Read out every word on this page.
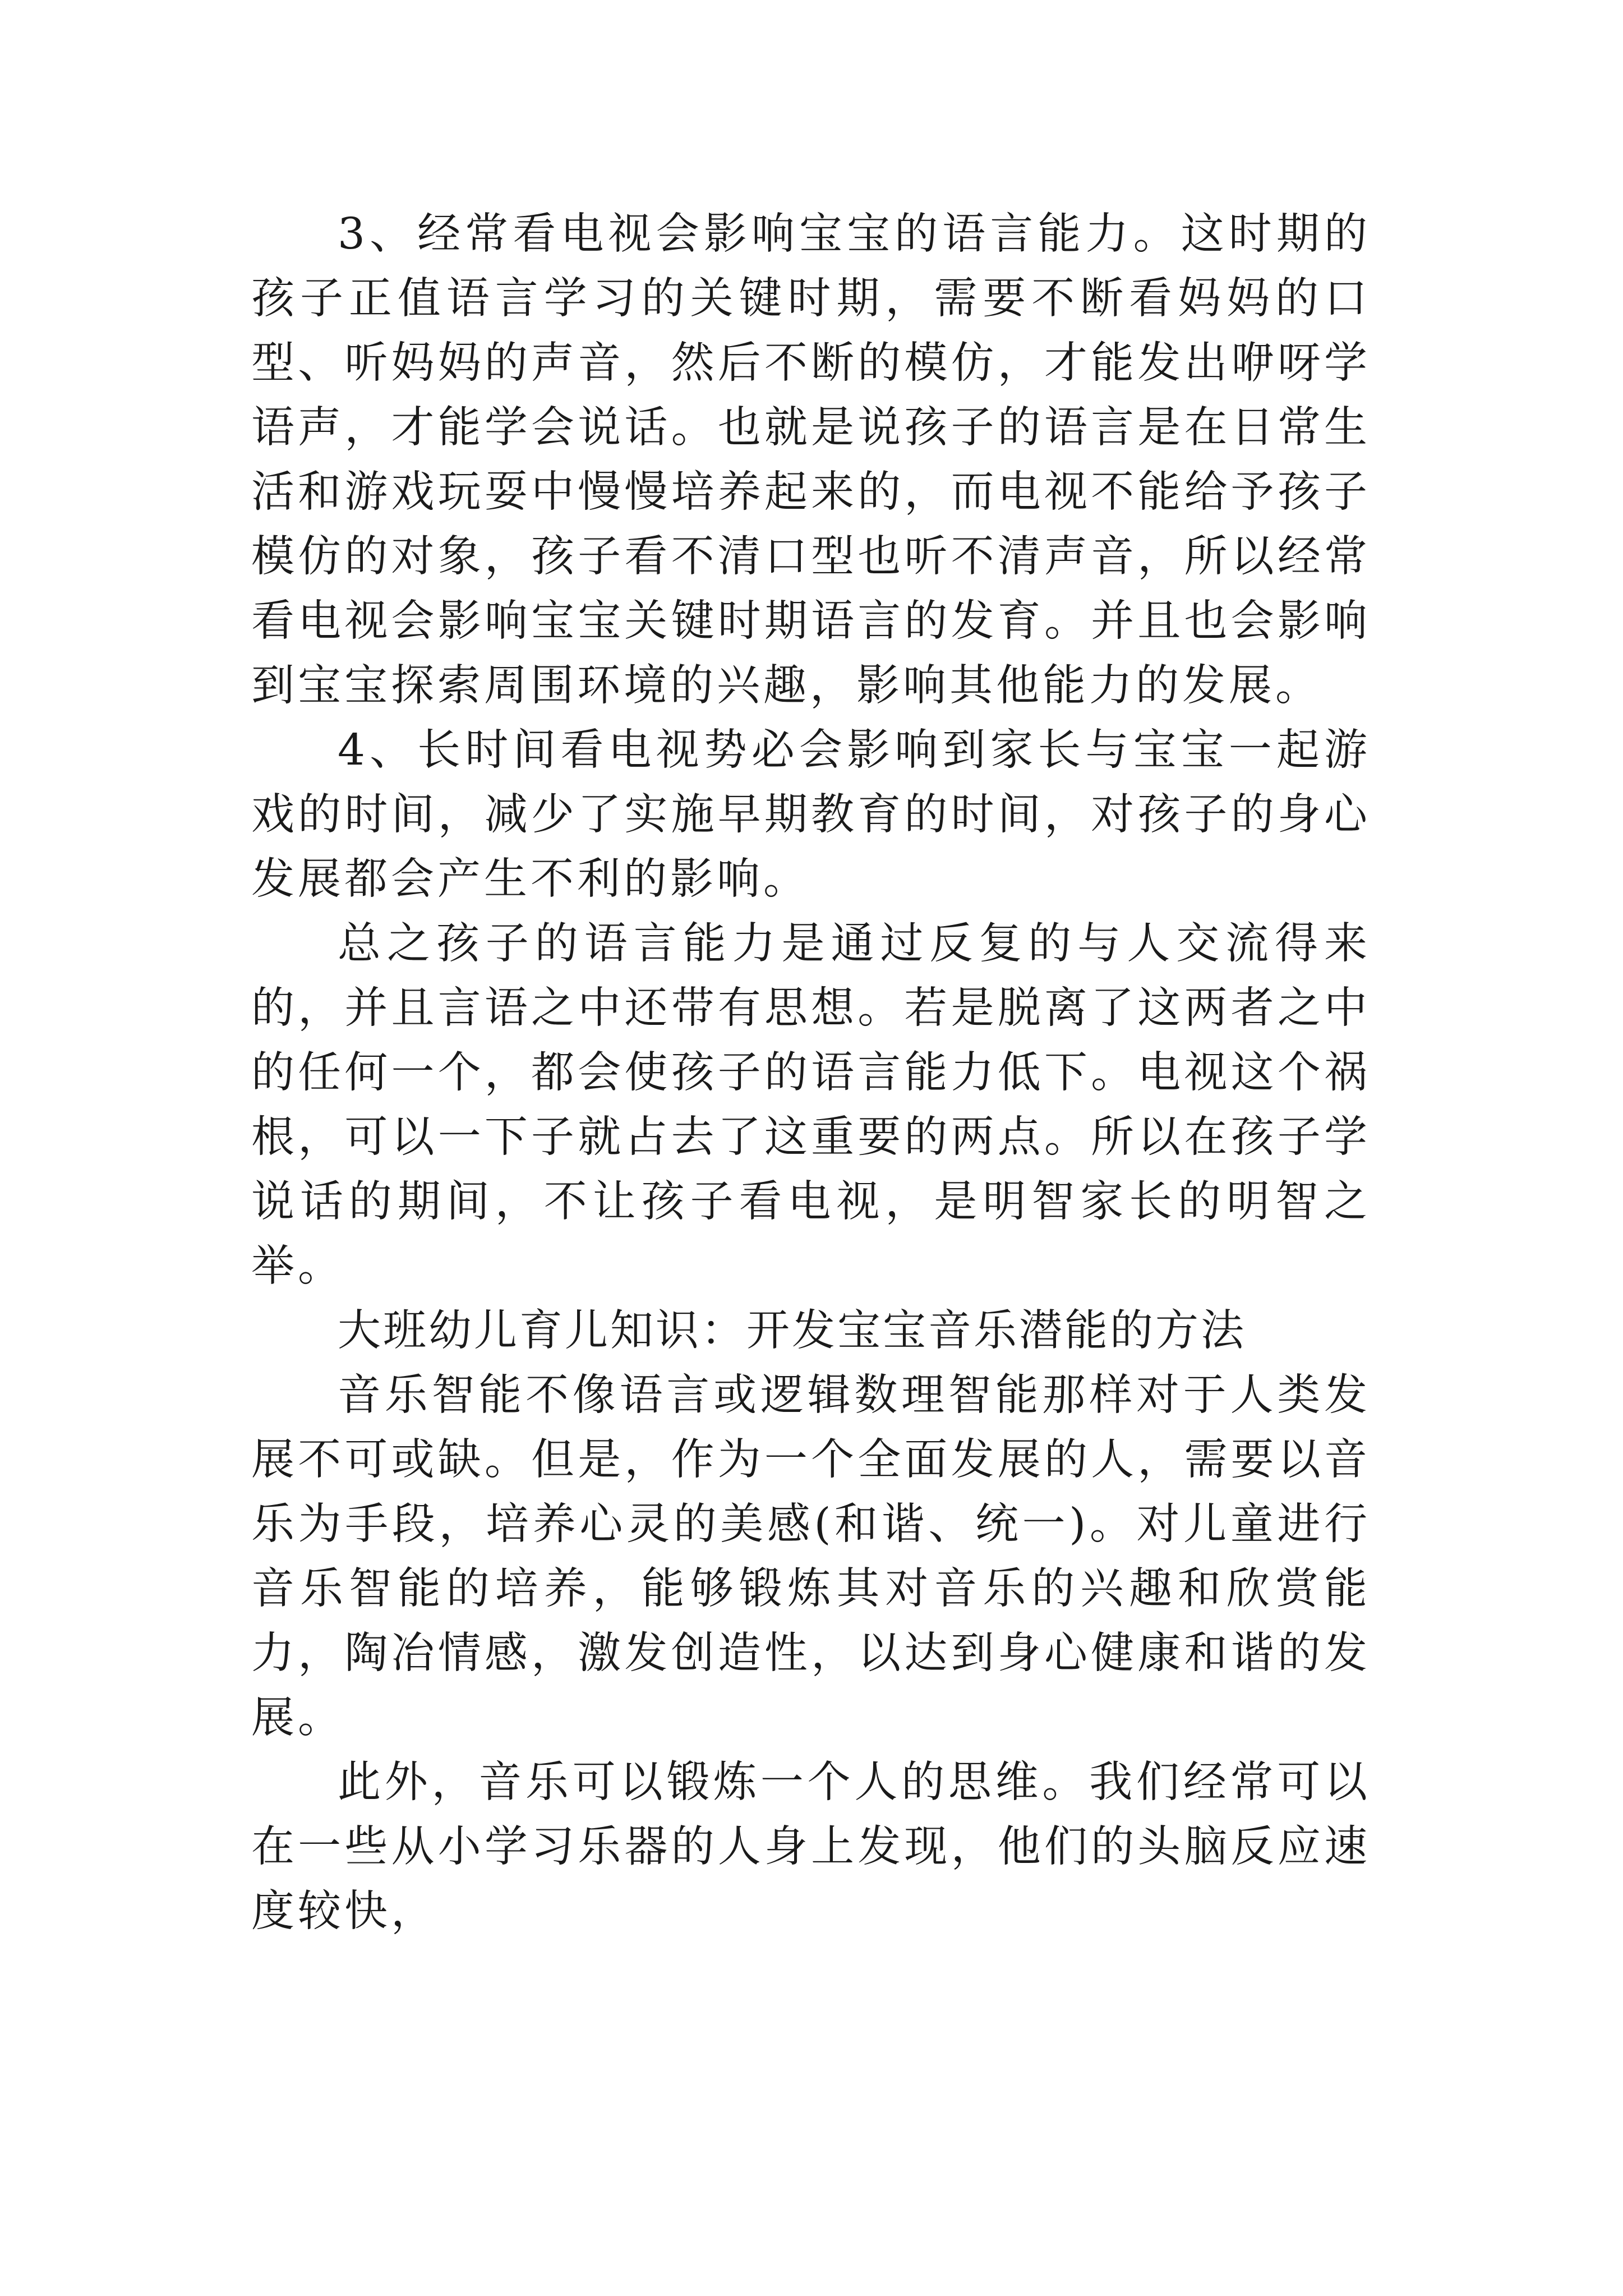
3、经常看电视会影响宝宝的语言能力。这时期的孩子正值语言学习的关键时期，需要不断看妈妈的口型、听妈妈的声音，然后不断的模仿，才能发出咿呀学语声，才能学会说话。也就是说孩子的语言是在日常生活和游戏玩耍中慢慢培养起来的，而电视不能给予孩子模仿的对象，孩子看不清口型也听不清声音，所以经常看电视会影响宝宝关键时期语言的发育。并且也会影响到宝宝探索周围环境的兴趣，影响其他能力的发展。

4、长时间看电视势必会影响到家长与宝宝一起游戏的时间，减少了实施早期教育的时间，对孩子的身心发展都会产生不利的影响。

总之孩子的语言能力是通过反复的与人交流得来的，并且言语之中还带有思想。若是脱离了这两者之中的任何一个，都会使孩子的语言能力低下。电视这个祸根，可以一下子就占去了这重要的两点。所以在孩子学说话的期间，不让孩子看电视，是明智家长的明智之举。

大班幼儿育儿知识：开发宝宝音乐潜能的方法

音乐智能不像语言或逻辑数理智能那样对于人类发展不可或缺。但是，作为一个全面发展的人，需要以音乐为手段，培养心灵的美感(和谐、统一)。对儿童进行音乐智能的培养，能够锻炼其对音乐的兴趣和欣赏能力，陶冶情感，激发创造性，以达到身心健康和谐的发展。

此外，音乐可以锻炼一个人的思维。我们经常可以在一些从小学习乐器的人身上发现，他们的头脑反应速度较快，
